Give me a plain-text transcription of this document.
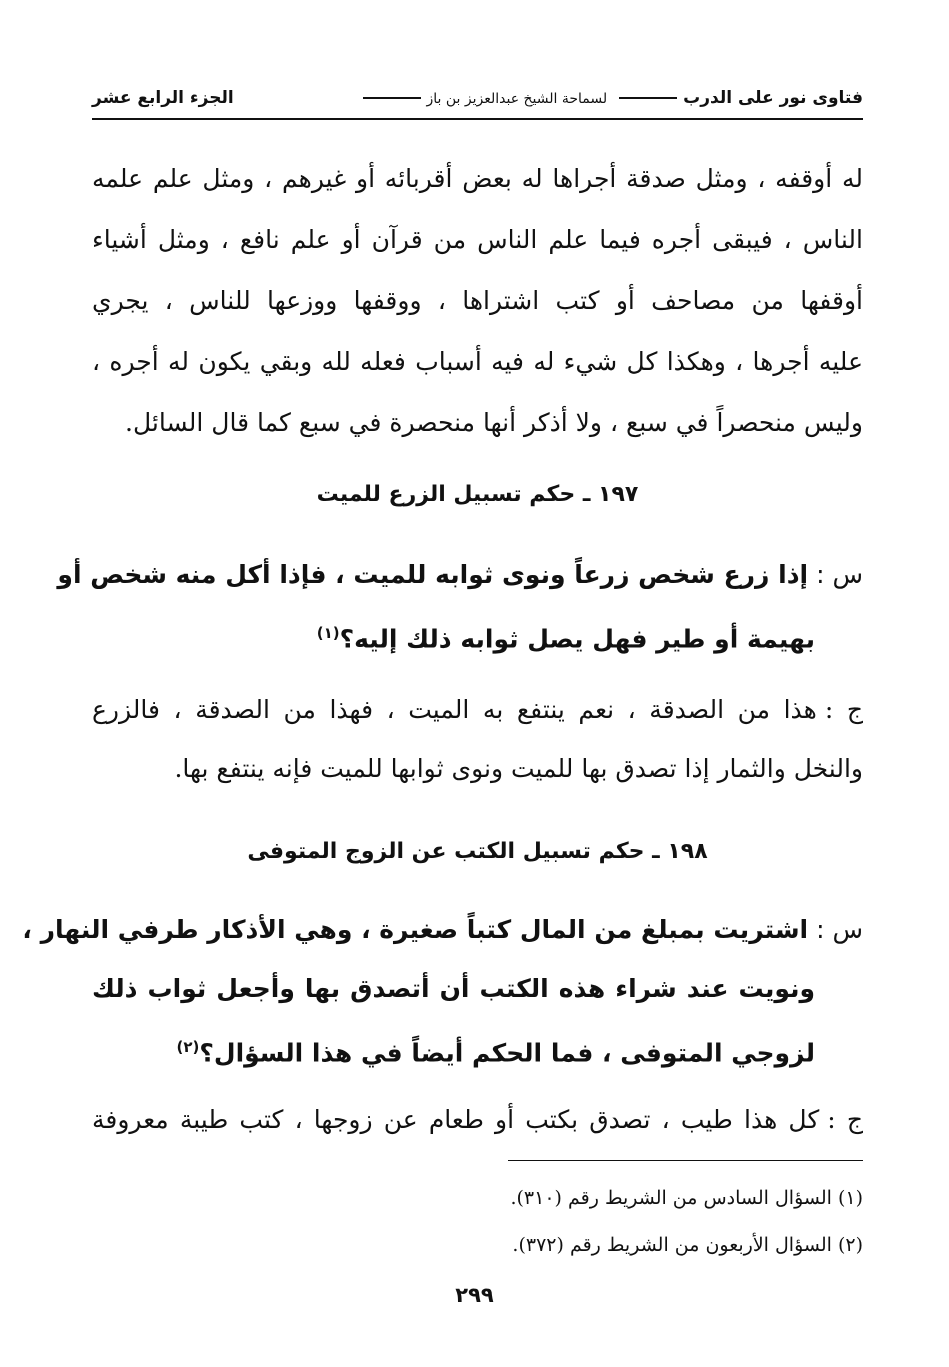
فتاوى نور على الدربلسماحة الشيخ عبدالعزيز بن باز
الجزء الرابع عشر
له أوقفه ، ومثل صدقة أجراها له بعض أقربائه أو غيرهم ، ومثل علم علمه
الناس ، فيبقى أجره فيما علم الناس من قرآن أو علم نافع ، ومثل أشياء
أوقفها من مصاحف أو كتب اشتراها ، ووقفها ووزعها للناس ، يجري
عليه أجرها ، وهكذا كل شيء له فيه أسباب فعله لله وبقي يكون له أجره ،
وليس منحصراً في سبع ، ولا أذكر أنها منحصرة في سبع كما قال السائل.
١٩٧ ـ حكم تسبيل الزرع للميت
س :إذا زرع شخص زرعاً ونوى ثوابه للميت ، فإذا أكل منه شخص أو
بهيمة أو طير فهل يصل ثوابه ذلك إليه؟$^{(١)}$
ج :هذا من الصدقة ، نعم ينتفع به الميت ، فهذا من الصدقة ، فالزرع
والنخل والثمار إذا تصدق بها للميت ونوى ثوابها للميت فإنه ينتفع بها.
١٩٨ ـ حكم تسبيل الكتب عن الزوج المتوفى
س :اشتريت بمبلغ من المال كتباً صغيرة ، وهي الأذكار طرفي النهار ،
ونويت عند شراء هذه الكتب أن أتصدق بها وأجعل ثواب ذلك
لزوجي المتوفى ، فما الحكم أيضاً في هذا السؤال؟$^{(٢)}$
ج :كل هذا طيب ، تصدق بكتب أو طعام عن زوجها ، كتب طيبة معروفة
(١) السؤال السادس من الشريط رقم (٣١٠).
(٢) السؤال الأربعون من الشريط رقم (٣٧٢).
٢٩٩
